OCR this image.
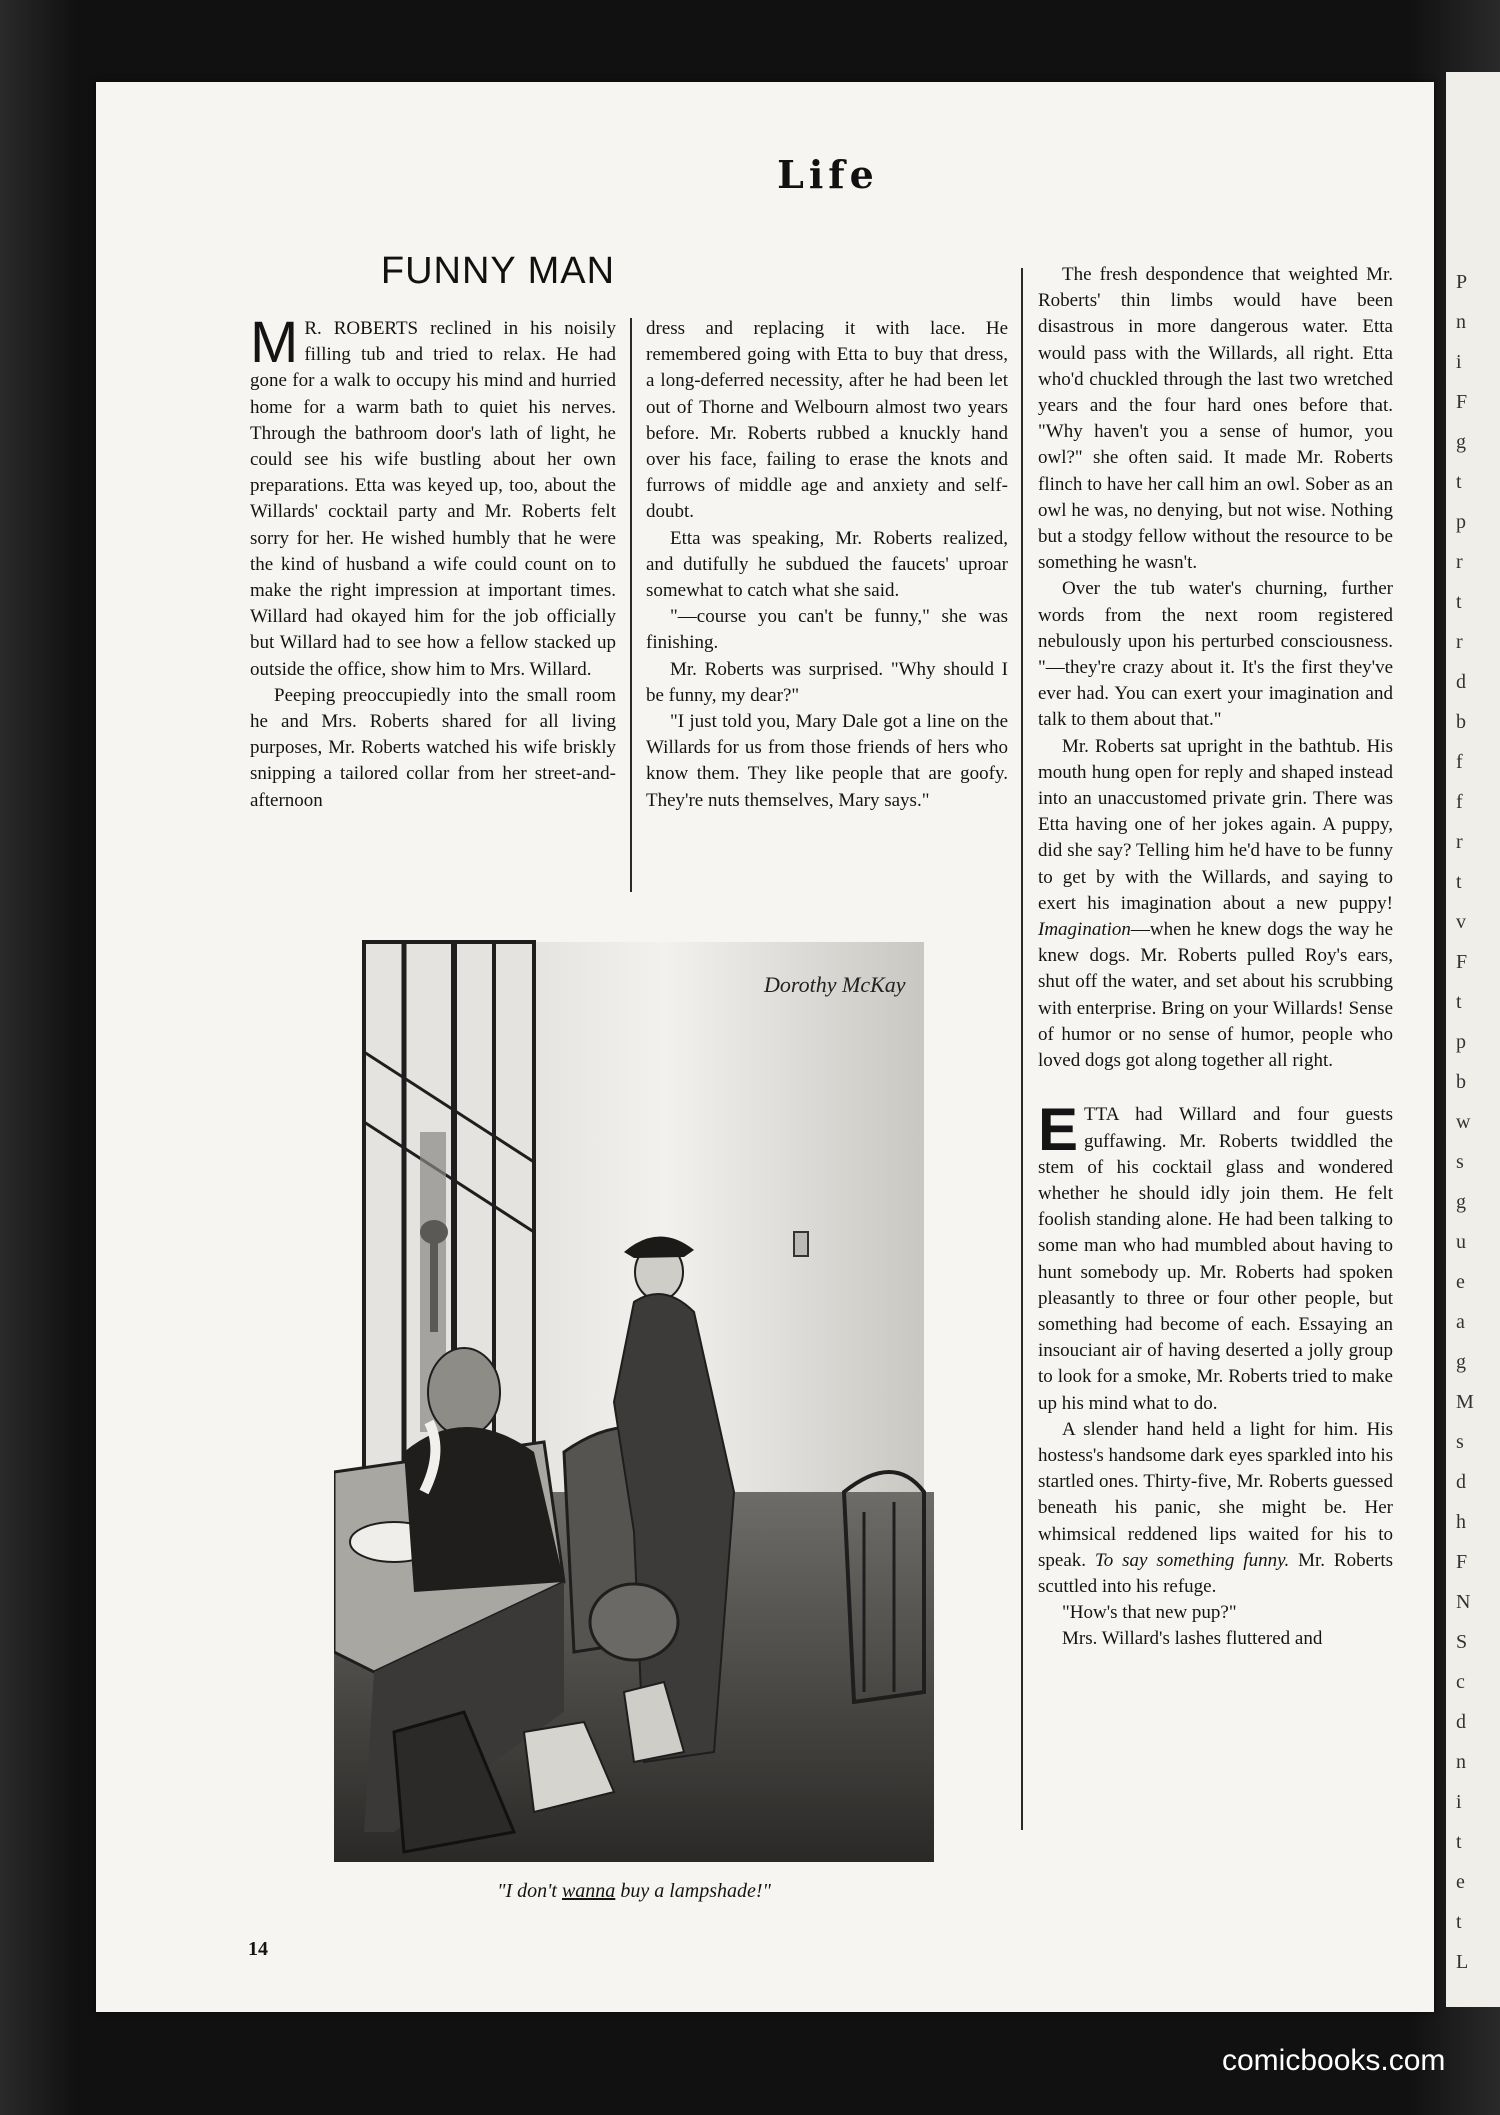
P
n
i
F
g
t
p
r
t
r
d
b
f
f
r
t
v
F
t
p
b
w
s
g
u
e
a
g
M
s
d
h
F
N
S
c
d
n
i
t
e
t
L
Life
FUNNY MAN

M R. ROBERTS reclined in his noisily filling tub and tried to relax. He had gone for a walk to occupy his mind and hurried home for a warm bath to quiet his nerves. Through the bathroom door's lath of light, he could see his wife bustling about her own preparations. Etta was keyed up, too, about the Willards' cocktail party and Mr. Roberts felt sorry for her. He wished humbly that he were the kind of husband a wife could count on to make the right impression at important times. Willard had okayed him for the job officially but Willard had to see how a fellow stacked up outside the office, show him to Mrs. Willard.

Peeping preoccupiedly into the small room he and Mrs. Roberts shared for all living purposes, Mr. Roberts watched his wife briskly snipping a tailored collar from her street-and-afternoon

dress and replacing it with lace. He remembered going with Etta to buy that dress, a long-deferred necessity, after he had been let out of Thorne and Welbourn almost two years before. Mr. Roberts rubbed a knuckly hand over his face, failing to erase the knots and furrows of middle age and anxiety and self-doubt.

Etta was speaking, Mr. Roberts realized, and dutifully he subdued the faucets' uproar somewhat to catch what she said.

"—course you can't be funny," she was finishing.

Mr. Roberts was surprised. "Why should I be funny, my dear?"

"I just told you, Mary Dale got a line on the Willards for us from those friends of hers who know them. They like people that are goofy. They're nuts themselves, Mary says."

The fresh despondence that weighted Mr. Roberts' thin limbs would have been disastrous in more dangerous water. Etta would pass with the Willards, all right. Etta who'd chuckled through the last two wretched years and the four hard ones before that. "Why haven't you a sense of humor, you owl?" she often said. It made Mr. Roberts flinch to have her call him an owl. Sober as an owl he was, no denying, but not wise. Nothing but a stodgy fellow without the resource to be something he wasn't.

Over the tub water's churning, further words from the next room registered nebulously upon his perturbed consciousness. "—they're crazy about it. It's the first they've ever had. You can exert your imagination and talk to them about that."

Mr. Roberts sat upright in the bathtub. His mouth hung open for reply and shaped instead into an unaccustomed private grin. There was Etta having one of her jokes again. A puppy, did she say? Telling him he'd have to be funny to get by with the Willards, and saying to exert his imagination about a new puppy! Imagination—when he knew dogs the way he knew dogs. Mr. Roberts pulled Roy's ears, shut off the water, and set about his scrubbing with enterprise. Bring on your Willards! Sense of humor or no sense of humor, people who loved dogs got along together all right.

ETTA had Willard and four guests guffawing. Mr. Roberts twiddled the stem of his cocktail glass and wondered whether he should idly join them. He felt foolish standing alone. He had been talking to some man who had mumbled about having to hunt somebody up. Mr. Roberts had spoken pleasantly to three or four other people, but something had become of each. Essaying an insouciant air of having deserted a jolly group to look for a smoke, Mr. Roberts tried to make up his mind what to do.

A slender hand held a light for him. His hostess's handsome dark eyes sparkled into his startled ones. Thirty-five, Mr. Roberts guessed beneath his panic, she might be. Her whimsical reddened lips waited for his to speak. To say something funny. Mr. Roberts scuttled into his refuge.

"How's that new pup?"

Mrs. Willard's lashes fluttered and

Dorothy McKay
"I don't wanna buy a lampshade!"
14
comicbooks.com
